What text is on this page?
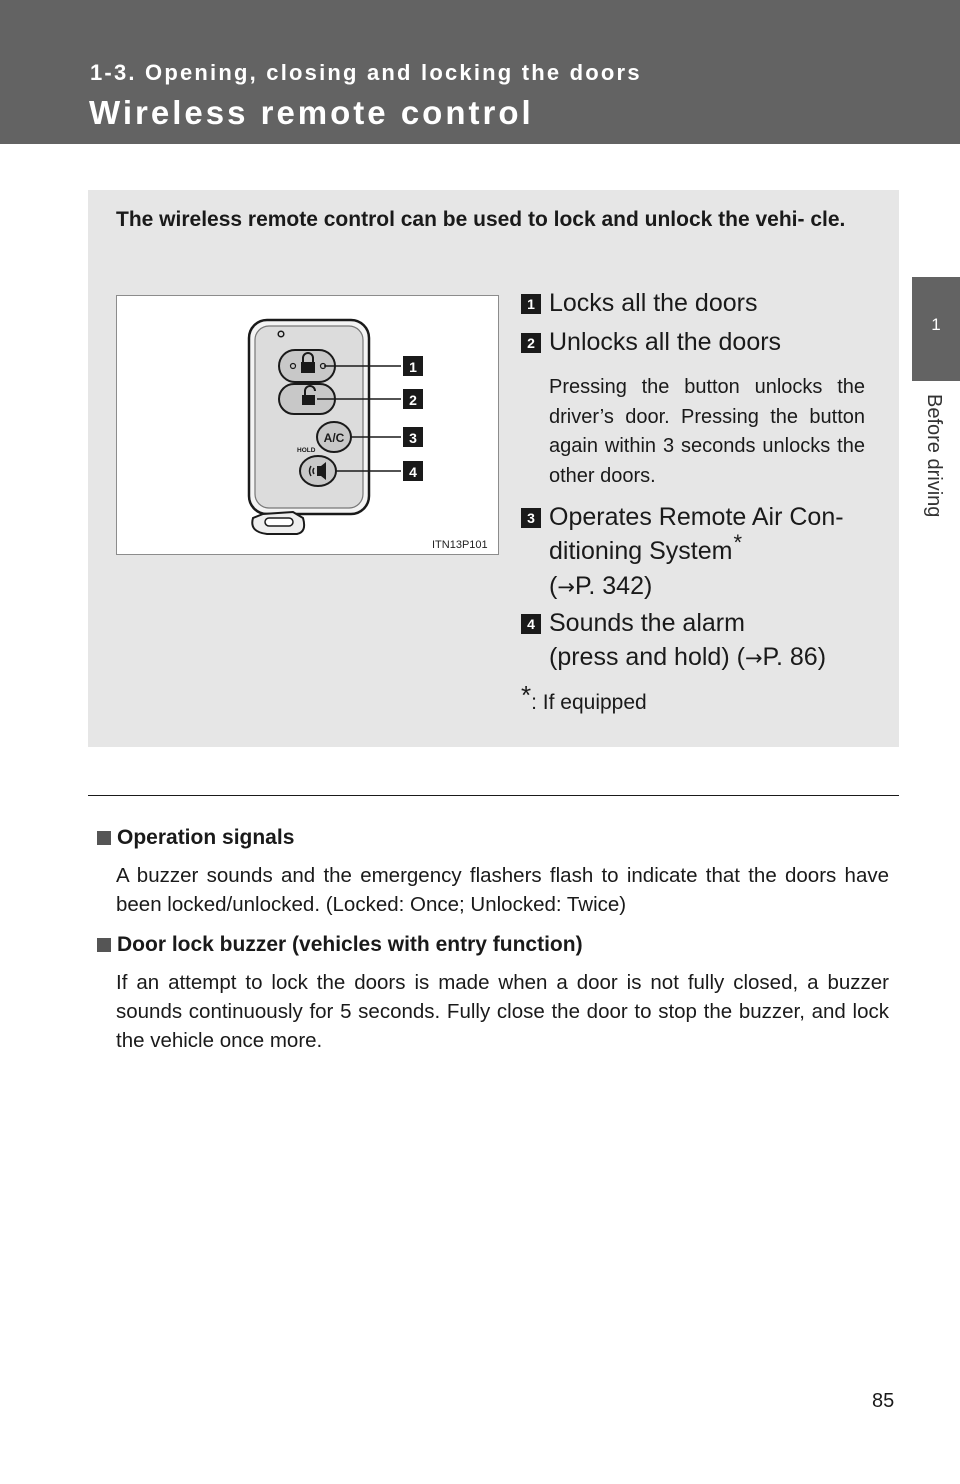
1-3. Opening, closing and locking the doors
Wireless remote control
1
Before driving
The wireless remote control can be used to lock and unlock the vehi- cle.
A/C
HOLD
1
2
3
4
ITN13P101
1 Locks all the doors
2 Unlocks all the doors
Pressing the button unlocks the driver’s door. Pressing the button again within 3 seconds unlocks the other doors.
3 Operates Remote Air Con- ditioning System*
(→P. 342)
4 Sounds the alarm
(press and hold) (→P. 86)
*: If equipped
Operation signals
A buzzer sounds and the emergency flashers flash to indicate that the doors have been locked/unlocked. (Locked: Once; Unlocked: Twice)
Door lock buzzer (vehicles with entry function)
If an attempt to lock the doors is made when a door is not fully closed, a buzzer sounds continuously for 5 seconds. Fully close the door to stop the buzzer, and lock the vehicle once more.
85
